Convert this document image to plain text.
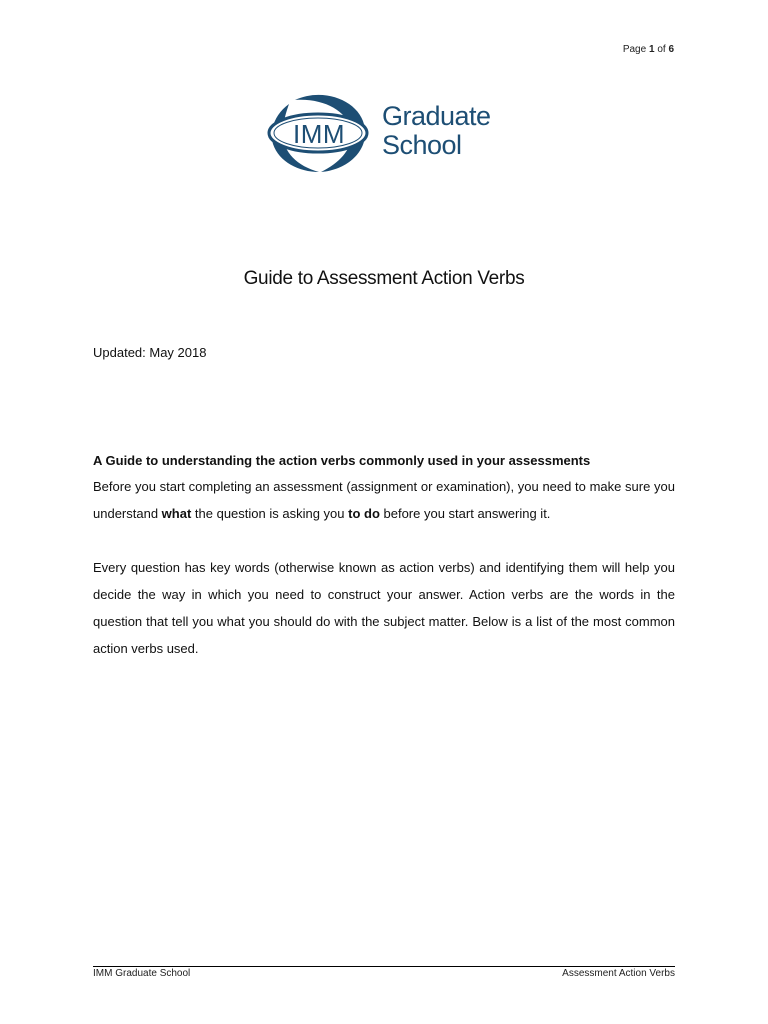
Page 1 of 6
IMM
Graduate
School
Guide to Assessment Action Verbs
Updated: May 2018
A Guide to understanding the action verbs commonly used in your assessments

Before you start completing an assessment (assignment or examination), you need to make sure you understand what the question is asking you to do before you start answering it.

Every question has key words (otherwise known as action verbs) and identifying them will help you decide the way in which you need to construct your answer. Action verbs are the words in the question that tell you what you should do with the subject matter. Below is a list of the most common action verbs used.

IMM Graduate School	Assessment Action Verbs
